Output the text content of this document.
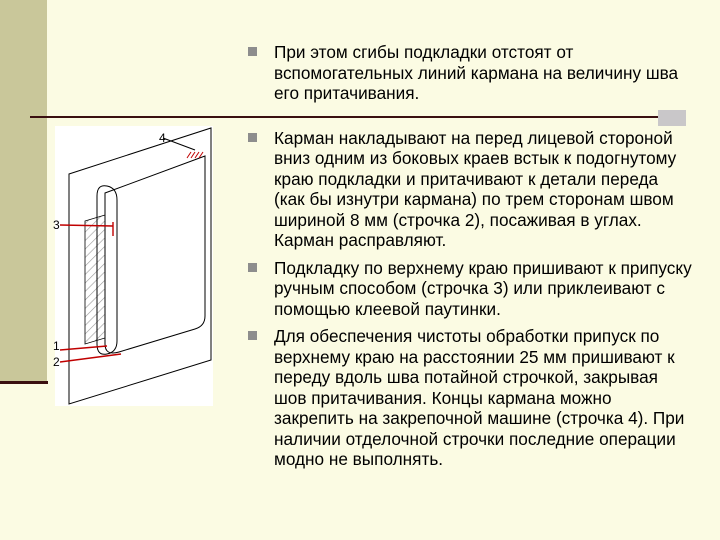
4
3
1
2
При этом сгибы подкладки отстоят от вспомогательных линий кармана на величину шва его притачивания.
Карман накладывают на перед лицевой стороной вниз одним из боковых краев встык к подогнутому краю подкладки и притачивают к детали переда (как бы изнутри кармана) по трем сторонам швом шириной 8 мм (строчка 2), посаживая в углах. Карман расправляют.
Подкладку по верхнему краю пришивают к припуску ручным способом (строчка 3) или приклеивают с помощью клеевой паутинки.
Для обеспечения чистоты обработки припуск по верхнему краю на расстоянии 25 мм пришивают к переду вдоль шва потайной строчкой, закрывая шов притачивания. Концы кармана можно закрепить на закрепочной машине (строчка 4). При наличии отделочной строчки последние операции модно не выполнять.
